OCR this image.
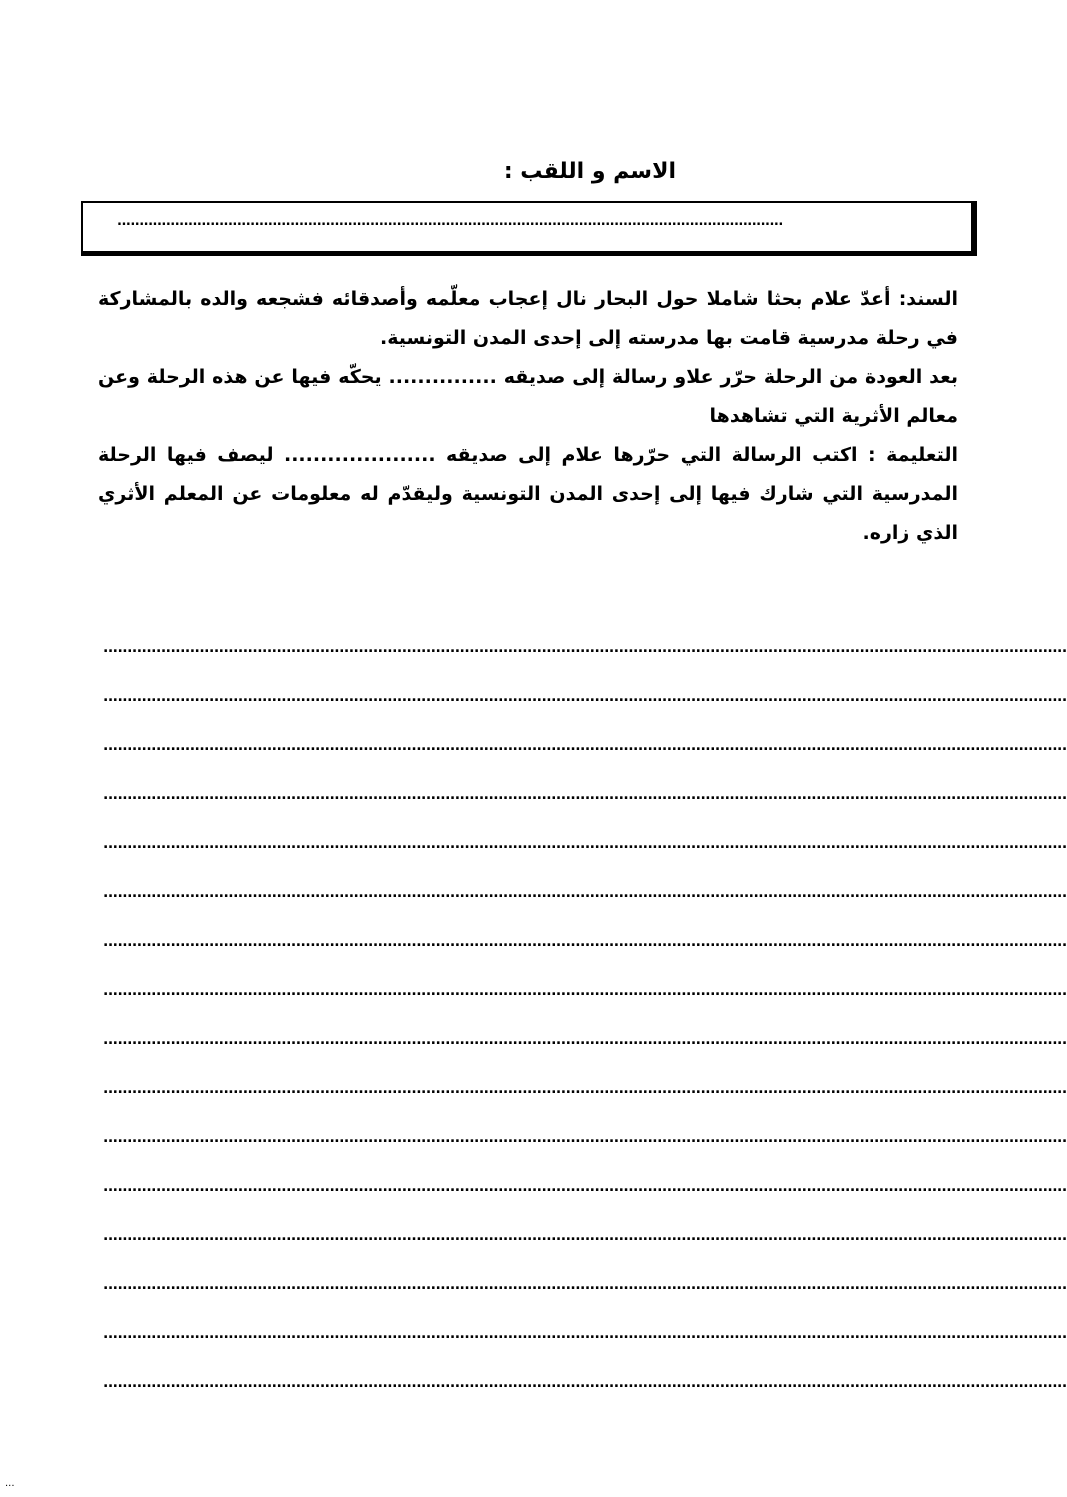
الاسم و اللقب :
......................................................................................................................................................

السند: أعدّ علام بحثا شاملا حول البحار نال إعجاب معلّمه وأصدقائه فشجعه والده بالمشاركة في رحلة مدرسية قامت بها مدرسته إلى إحدى المدن التونسية.

بعد العودة من الرحلة حرّر علاو رسالة إلى صديقه ............... يحكّه فيها عن هذه الرحلة وعن معالم الأثرية التي تشاهدها

التعليمة : اكتب الرسالة التي حرّرها علام إلى صديقه ..................... ليصف فيها الرحلة المدرسية التي شارك فيها إلى إحدى المدن التونسية وليقدّم له معلومات عن المعلم الأثري الذي زاره.

........................................................................................................................................................................................................
........................................................................................................................................................................................................
........................................................................................................................................................................................................
........................................................................................................................................................................................................
........................................................................................................................................................................................................
........................................................................................................................................................................................................
........................................................................................................................................................................................................
........................................................................................................................................................................................................
........................................................................................................................................................................................................
........................................................................................................................................................................................................
........................................................................................................................................................................................................
........................................................................................................................................................................................................
........................................................................................................................................................................................................
........................................................................................................................................................................................................
........................................................................................................................................................................................................
........................................................................................................................................................................................................
...
